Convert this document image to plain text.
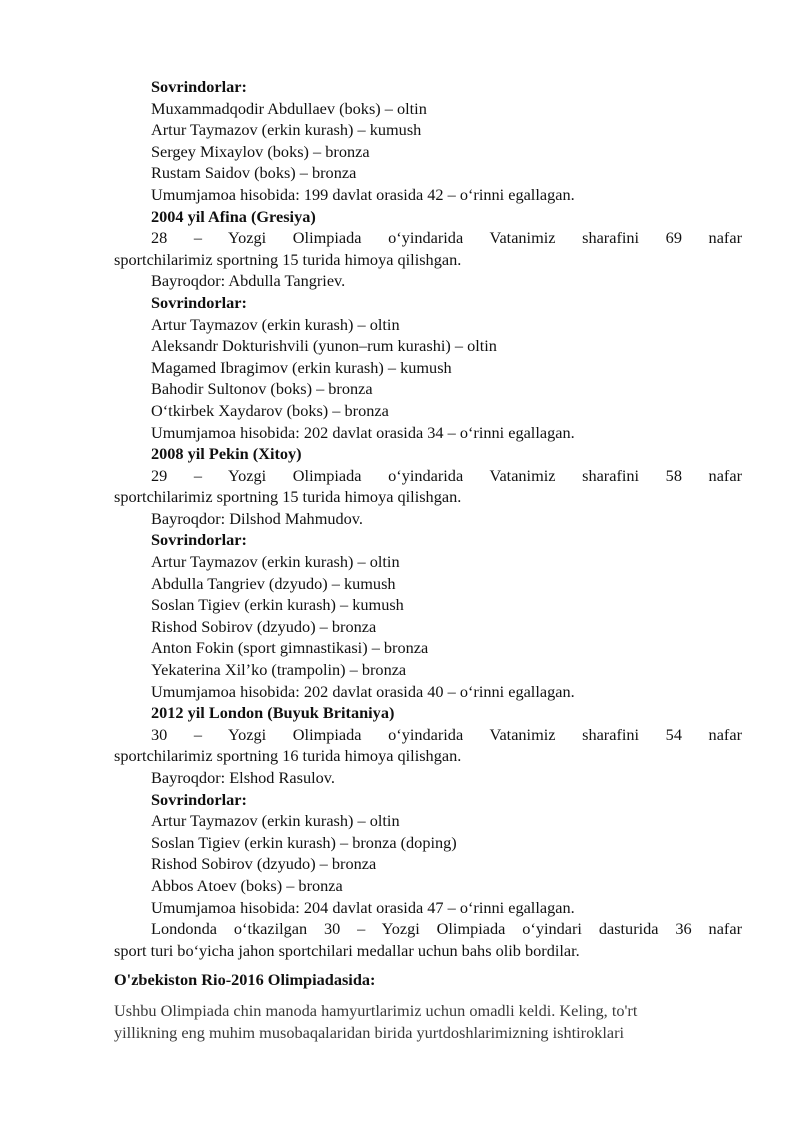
Sovrindorlar:
Muxammadqodir Abdullaev (boks) – oltin
Artur Taymazov (erkin kurash) – kumush
Sergey Mixaylov (boks) – bronza
Rustam Saidov (boks) – bronza
Umumjamoa hisobida: 199 davlat orasida 42 – o‘rinni egallagan.
2004 yil Afina (Gresiya)
28 – Yozgi Olimpiada o‘yindarida Vatanimiz sharafini 69 nafar
sportchilarimiz sportning 15 turida himoya qilishgan.
Bayroqdor: Abdulla Tangriev.
Sovrindorlar:
Artur Taymazov (erkin kurash) – oltin
Aleksandr Dokturishvili (yunon–rum kurashi) – oltin
Magamed Ibragimov (erkin kurash) – kumush
Bahodir Sultonov (boks) – bronza
O‘tkirbek Xaydarov (boks) – bronza
Umumjamoa hisobida: 202 davlat orasida 34 – o‘rinni egallagan.
2008 yil Pekin (Xitoy)
29 – Yozgi Olimpiada o‘yindarida Vatanimiz sharafini 58 nafar
sportchilarimiz sportning 15 turida himoya qilishgan.
Bayroqdor: Dilshod Mahmudov.
Sovrindorlar:
Artur Taymazov (erkin kurash) – oltin
Abdulla Tangriev (dzyudo) – kumush
Soslan Tigiev (erkin kurash) – kumush
Rishod Sobirov (dzyudo) – bronza
Anton Fokin (sport gimnastikasi) – bronza
Yekaterina Xil’ko (trampolin) – bronza
Umumjamoa hisobida: 202 davlat orasida 40 – o‘rinni egallagan.
2012 yil London (Buyuk Britaniya)
30 – Yozgi Olimpiada o‘yindarida Vatanimiz sharafini 54 nafar
sportchilarimiz sportning 16 turida himoya qilishgan.
Bayroqdor: Elshod Rasulov.
Sovrindorlar:
Artur Taymazov (erkin kurash) – oltin
Soslan Tigiev (erkin kurash) – bronza (doping)
Rishod Sobirov (dzyudo) – bronza
Abbos Atoev (boks) – bronza
Umumjamoa hisobida: 204 davlat orasida 47 – o‘rinni egallagan.
Londonda o‘tkazilgan 30 – Yozgi Olimpiada o‘yindari dasturida 36 nafar
sport turi bo‘yicha jahon sportchilari medallar uchun bahs olib bordilar.
O'zbekiston Rio-2016 Olimpiadasida:
Ushbu Olimpiada chin manoda hamyurtlarimiz uchun omadli keldi. Keling, to'rt
yillikning eng muhim musobaqalaridan birida yurtdoshlarimizning ishtiroklari
